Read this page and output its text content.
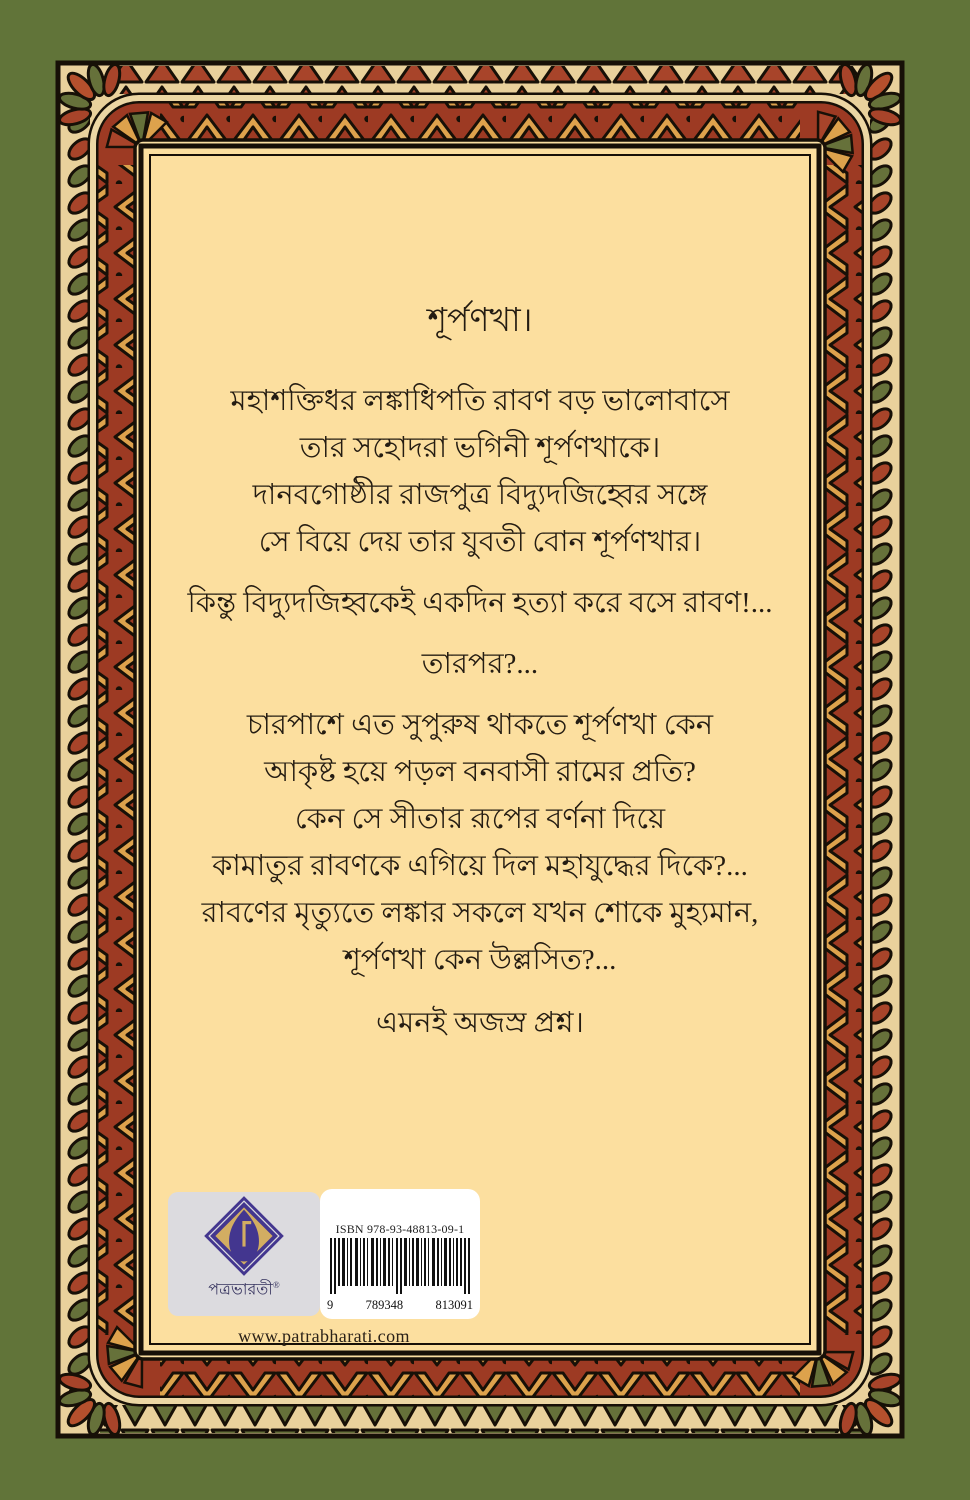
শূর্পণখা।
মহাশক্তিধর লঙ্কাধিপতি রাবণ বড় ভালোবাসে
তার সহোদরা ভগিনী শূর্পণখাকে।
দানবগোষ্ঠীর রাজপুত্র বিদ্যুদজিহ্বের সঙ্গে
সে বিয়ে দেয় তার যুবতী বোন শূর্পণখার।
কিন্তু বিদ্যুদজিহ্বকেই একদিন হত্যা করে বসে রাবণ!...
তারপর?...
চারপাশে এত সুপুরুষ থাকতে শূর্পণখা কেন
আকৃষ্ট হয়ে পড়ল বনবাসী রামের প্রতি?
কেন সে সীতার রূপের বর্ণনা দিয়ে
কামাতুর রাবণকে এগিয়ে দিল মহাযুদ্ধের দিকে?...
রাবণের মৃত্যুতে লঙ্কার সকলে যখন শোকে মুহ্যমান,
শূর্পণখা কেন উল্লসিত?...
এমনই অজস্র প্রশ্ন।
পত্রভারতী®
ISBN 978-93-48813-09-1
9	789348	813091
www.patrabharati.com
